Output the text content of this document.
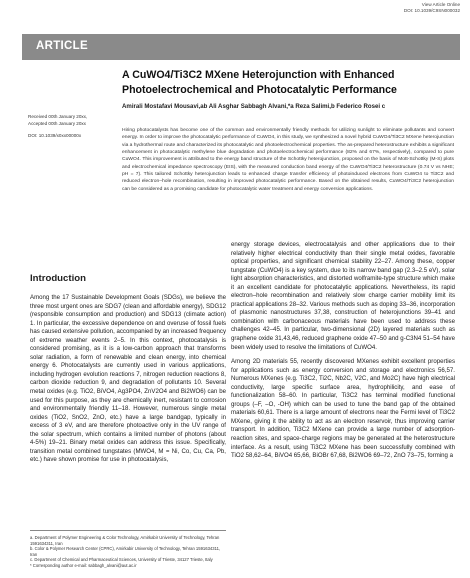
View Article Online
DOI: 10.1039/C9SN000032
ARTICLE
A CuWO4/Ti3C2 MXene Heterojunction with Enhanced Photoelectrochemical and Photocatalytic Performance
Amirali Mostafavi Mousavi,ab Ali Asghar Sabbagh Alvani,*a Reza Salimi,b Federico Rosei c
Received 00th January 20xx,
Accepted 00th January 20xx
DOI: 10.1039/x0xx00000x
Hiring photocatalysts has become one of the common and environmentally friendly methods for utilizing sunlight to eliminate pollutants and convert energy. In order to improve the photocatalytic performance of CuWO4, in this study, we synthesized a novel hybrid CuWO4/Ti3C2 MXene heterojunction via a hydrothermal route and characterized its photocatalytic and photoelectrochemical properties. The as-prepared heterostructure exhibits a significant enhancement in photocatalytic methylene blue degradation and photoelectrochemical performance (82% and 67%, respectively), compared to pure CuWO4. This improvement is attributed to the energy band structure of the Schottky heterojunction, proposed on the basis of Mott-Schottky (M-S) plots and electrochemical impedance spectroscopy (EIS), with the measured conduction band energy of the CuWO4/Ti3C2 heterostructure (0.74 V vs NHE; pH = 7). This tailored Schottky heterojunction leads to enhanced charge transfer efficiency of photoinduced electrons from CuWO4 to Ti3C2 and reduced electron–hole recombination, resulting in improved photocatalytic performance. Based on the obtained results, CuWO4/Ti3C2 heterojunction can be considered as a promising candidate for photocatalytic water treatment and energy conversion applications.
Introduction

Among the 17 Sustainable Development Goals (SDGs), we believe the three most urgent ones are SDG7 (clean and affordable energy), SDG12 (responsible consumption and production) and SDG13 (climate action) 1. In particular, the excessive dependence on and overuse of fossil fuels has caused extensive pollution, accompanied by an increased frequency of extreme weather events 2–5. In this context, photocatalysis is considered promising, as it is a low-carbon approach that transforms solar radiation, a form of renewable and clean energy, into chemical energy 6. Photocatalysts are currently used in various applications, including hydrogen evolution reactions 7, nitrogen reduction reactions 8, carbon dioxide reduction 9, and degradation of pollutants 10. Several metal oxides (e.g. TiO2, BiVO4, Ag3PO4, ZnV2O4 and Bi2WO6) can be used for this purpose, as they are chemically inert, resistant to corrosion and environmentally friendly 11–18. However, numerous single metal oxides (TiO2, SnO2, ZnO, etc.) have a large bandgap, typically in excess of 3 eV, and are therefore photoactive only in the UV range of the solar spectrum, which contains a limited number of photons (about 4-5%) 19–21. Binary metal oxides can address this issue. Specifically, transition metal combined tungstates (MWO4, M = Ni, Co, Cu, Ca, Pb, etc.) have shown promise for use in photocatalysis,

energy storage devices, electrocatalysis and other applications due to their relatively higher electrical conductivity than their single metal oxides, favorable optical properties, and significant chemical stability 22–27. Among these, copper tungstate (CuWO4) is a key system, due to its narrow band gap (2.3–2.5 eV), solar light absorption characteristics, and distorted wolframite-type structure which make it an excellent candidate for photocatalytic applications. Nevertheless, its rapid electron–hole recombination and relatively slow charge carrier mobility limit its practical applications 28–32. Various methods such as doping 33–36, incorporation of plasmonic nanostructures 37,38, construction of heterojunctions 39–41 and combination with carbonaceous materials have been used to address these challenges 42–45. In particular, two-dimensional (2D) layered materials such as graphene oxide 31,43,46, reduced graphene oxide 47–50 and g-C3N4 51–54 have been widely used to resolve the limitations of CuWO4.

Among 2D materials 55, recently discovered MXenes exhibit excellent properties for applications such as energy conversion and storage and electronics 56,57. Numerous MXenes (e.g. Ti3C2, Ti2C, Nb2C, V2C, and Mo2C) have high electrical conductivity, large specific surface area, hydrophilicity, and ease of functionalization 58–60. In particular, Ti3C2 has terminal modified functional groups (–F, –O, -OH) which can be used to tune the band gap of the obtained materials 60,61. There is a large amount of electrons near the Fermi level of Ti3C2 MXene, giving it the ability to act as an electron reservoir, thus improving carrier transport. In addition, Ti3C2 MXene can provide a large number of adsorption-reaction sites, and space-charge regions may be generated at the heterostructure interface. As a result, using Ti3C2 MXene has been successfully combined with TiO2 58,62–64, BiVO4 65,66, BiOBr 67,68, Bi2WO6 69–72, ZnO 73–75, forming a

a. Department of Polymer Engineering & Color Technology, Amirkabir University of Technology, Tehran 1591634311, Iran
b. Color & Polymer Research Center (CPRC), Amirkabir University of Technology, Tehran 1591634311, Iran
c. Department of Chemical and Pharmaceutical Sciences, University of Trieste, 34127 Trieste, Italy
* Corresponding author e-mail: sabbagh_alvani@aut.ac.ir
